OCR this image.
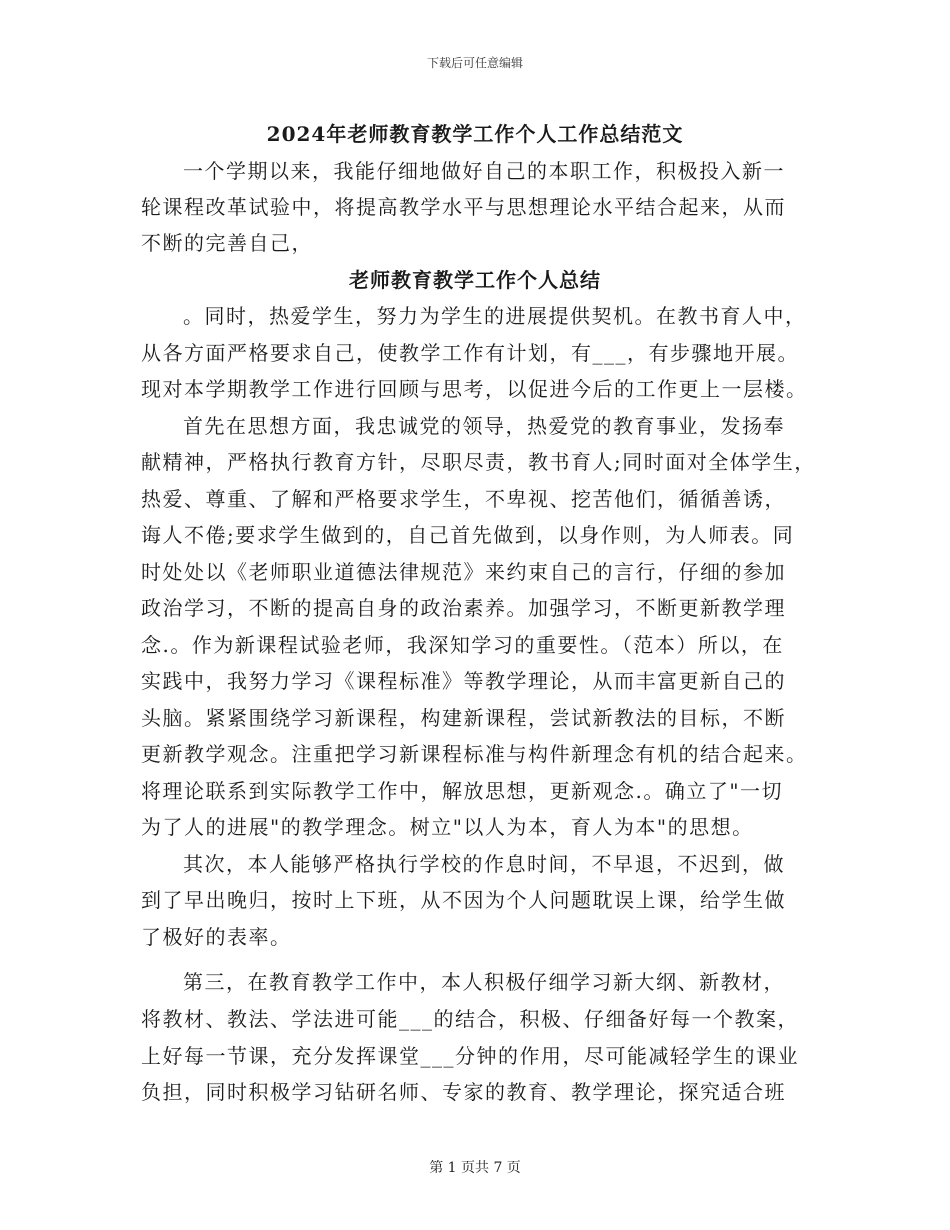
下载后可任意编辑
2024年老师教育教学工作个人工作总结范文
一个学期以来，我能仔细地做好自己的本职工作，积极投入新一
轮课程改革试验中，将提高教学水平与思想理论水平结合起来，从而
不断的完善自己，
老师教育教学工作个人总结
。同时，热爱学生，努力为学生的进展提供契机。在教书育人中，
从各方面严格要求自己，使教学工作有计划，有___，有步骤地开展。
现对本学期教学工作进行回顾与思考，以促进今后的工作更上一层楼。
首先在思想方面，我忠诚党的领导，热爱党的教育事业，发扬奉
献精神，严格执行教育方针，尽职尽责，教书育人;同时面对全体学生，
热爱、尊重、了解和严格要求学生，不卑视、挖苦他们，循循善诱，
诲人不倦;要求学生做到的，自己首先做到，以身作则，为人师表。同
时处处以《老师职业道德法律规范》来约束自己的言行，仔细的参加
政治学习，不断的提高自身的政治素养。加强学习，不断更新教学理
念.。作为新课程试验老师，我深知学习的重要性。（范本）所以，在
实践中，我努力学习《课程标准》等教学理论，从而丰富更新自己的
头脑。紧紧围绕学习新课程，构建新课程，尝试新教法的目标，不断
更新教学观念。注重把学习新课程标准与构件新理念有机的结合起来。
将理论联系到实际教学工作中，解放思想，更新观念.。确立了"一切
为了人的进展"的教学理念。树立"以人为本，育人为本"的思想。
其次，本人能够严格执行学校的作息时间，不早退，不迟到，做
到了早出晚归，按时上下班，从不因为个人问题耽误上课，给学生做
了极好的表率。
第三，在教育教学工作中，本人积极仔细学习新大纲、新教材，
将教材、教法、学法进可能___的结合，积极、仔细备好每一个教案，
上好每一节课，充分发挥课堂___分钟的作用，尽可能减轻学生的课业
负担，同时积极学习钻研名师、专家的教育、教学理论，探究适合班
第 1 页共 7 页
